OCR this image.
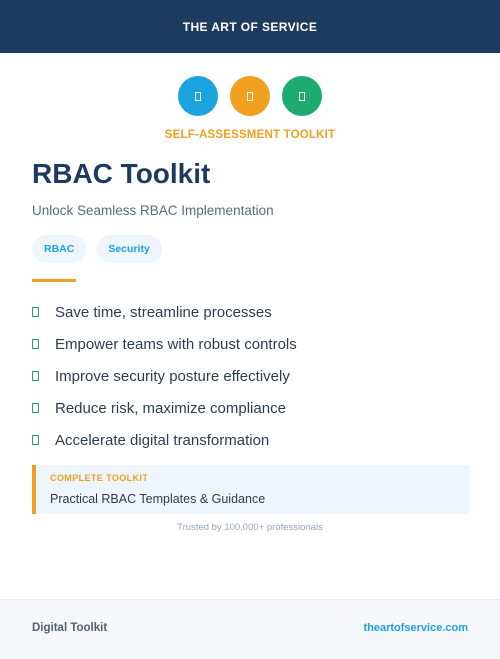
THE ART OF SERVICE
SELF-ASSESSMENT TOOLKIT
RBAC Toolkit
Unlock Seamless RBAC Implementation
RBAC	Security
Save time, streamline processes
Empower teams with robust controls
Improve security posture effectively
Reduce risk, maximize compliance
Accelerate digital transformation
COMPLETE TOOLKIT
Practical RBAC Templates & Guidance
Trusted by 100,000+ professionals
Digital Toolkit	theartofservice.com
